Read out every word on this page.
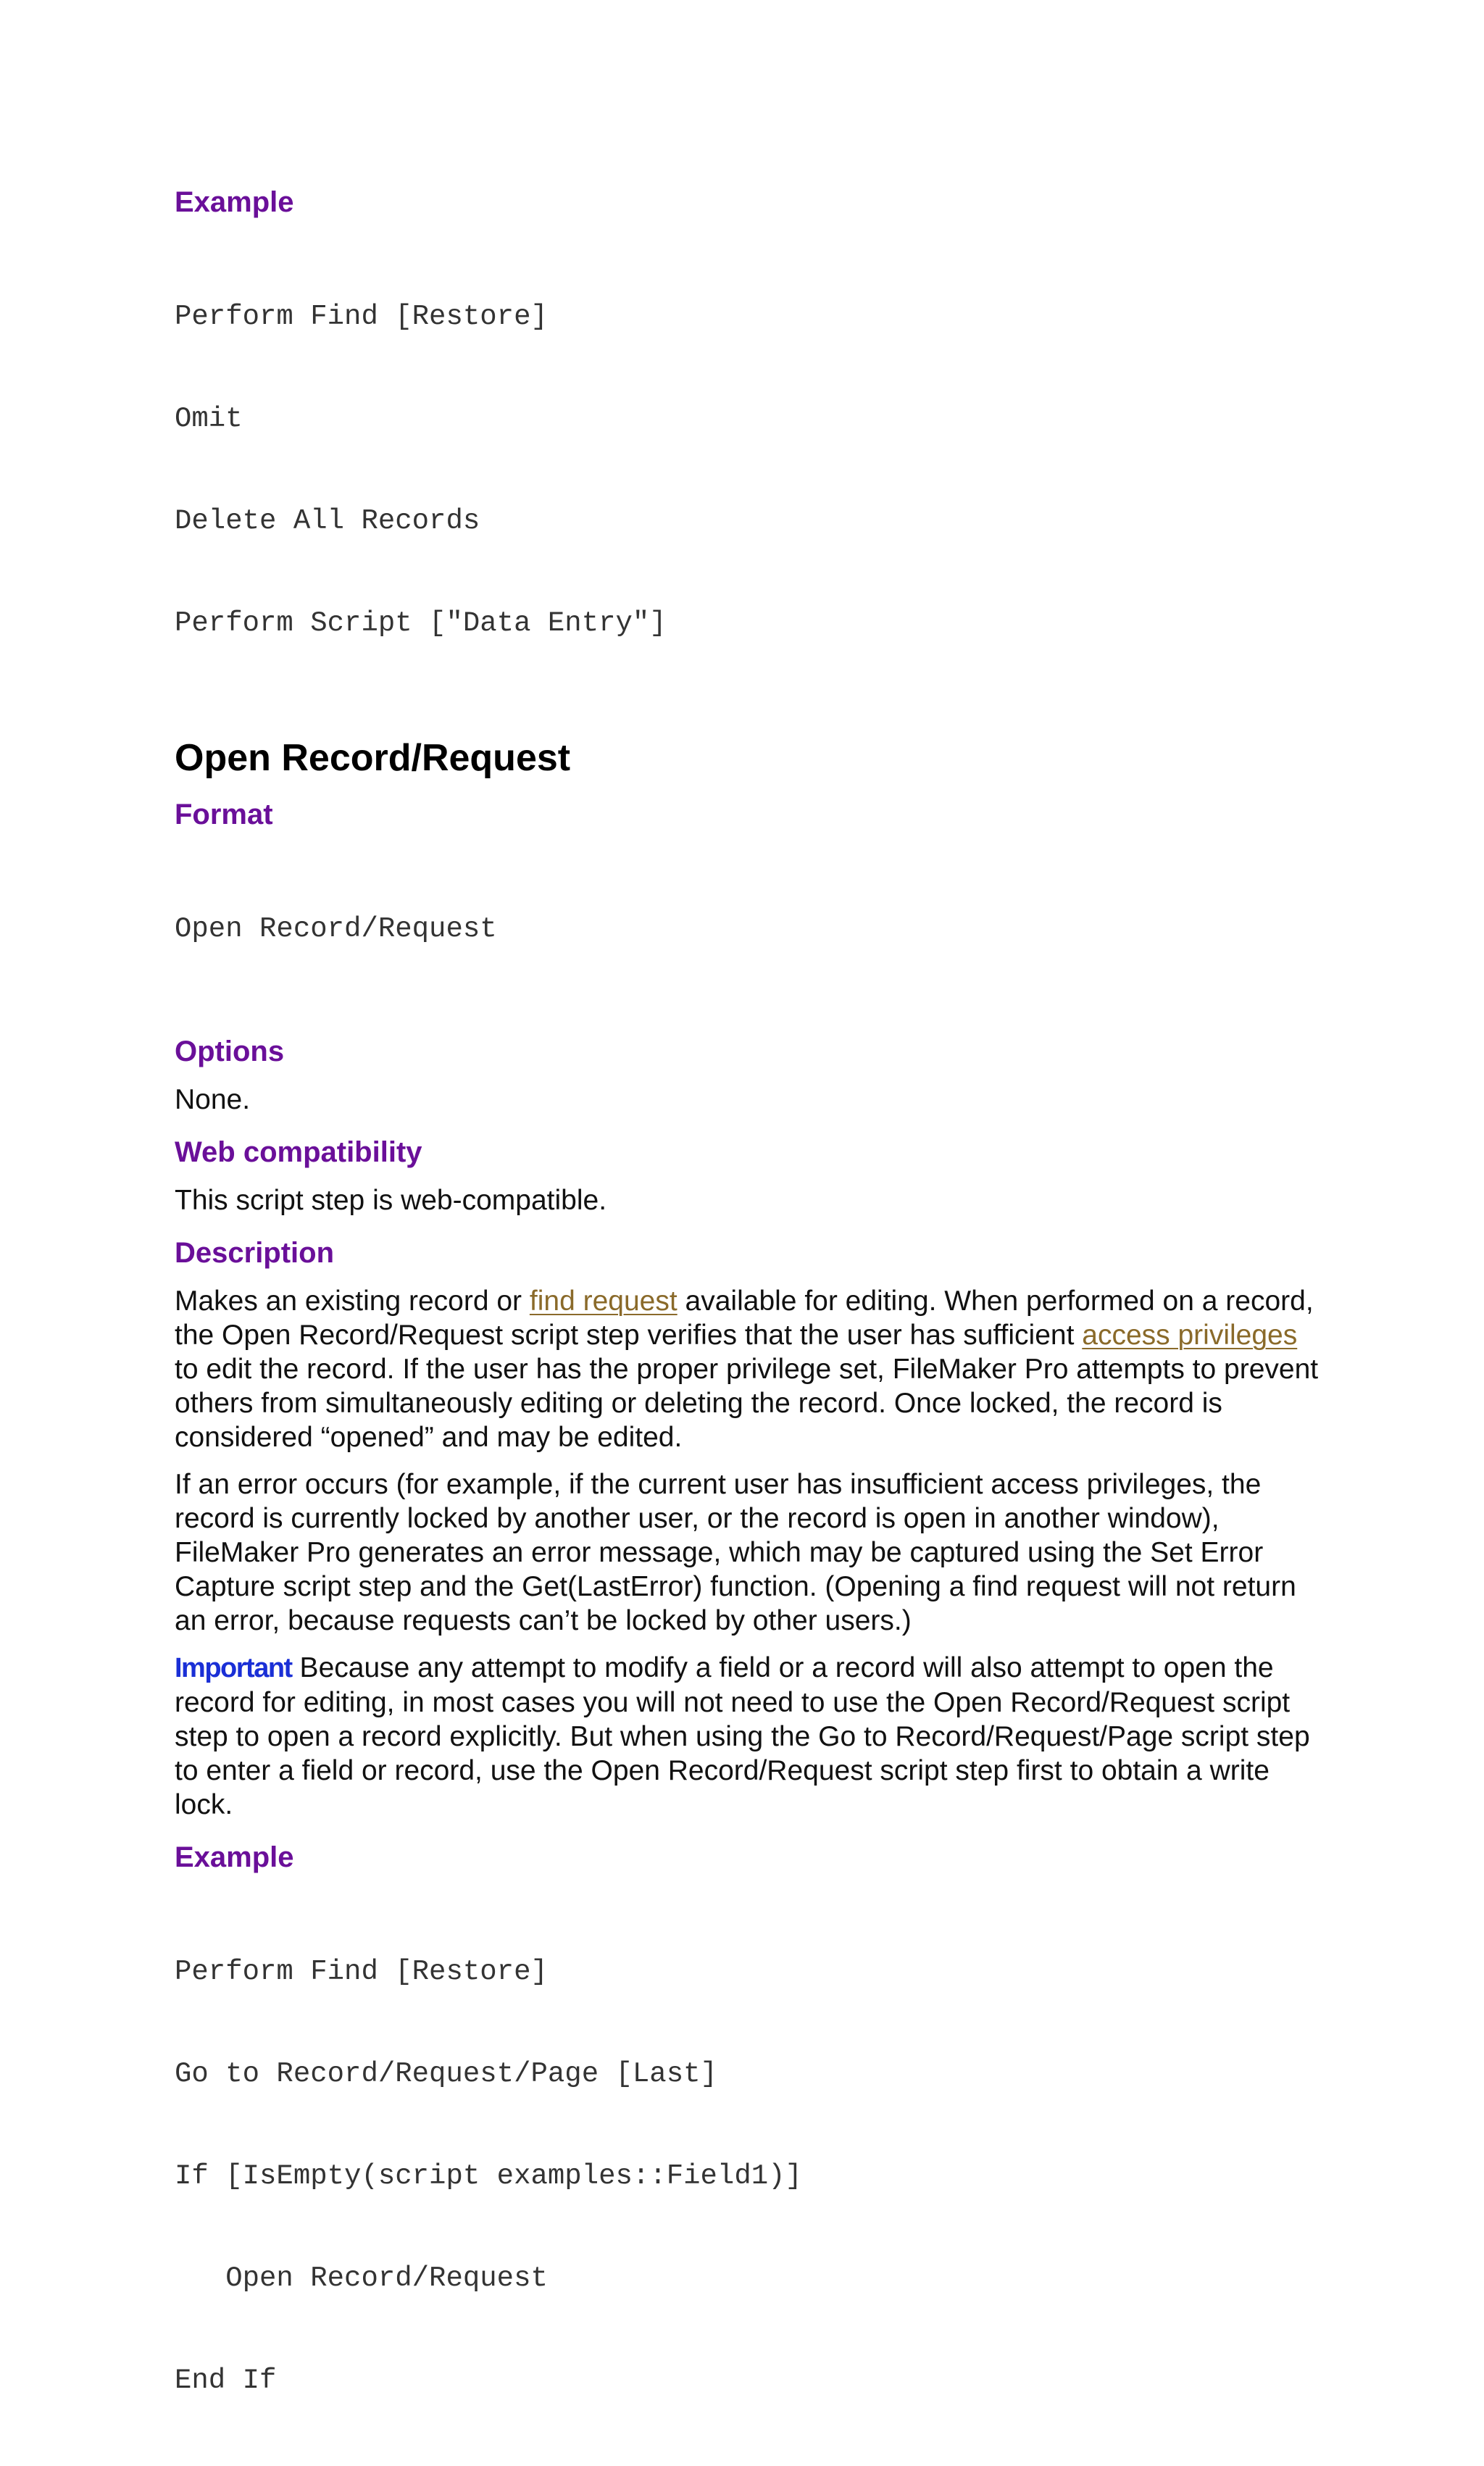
Example

Perform Find [Restore]

Omit

Delete All Records

Perform Script ["Data Entry"]

Open Record/Request
Format

Open Record/Request

Options

None.

Web compatibility

This script step is web-compatible.

Description

Makes an existing record or find request available for editing. When performed on a record, the Open Record/Request script step verifies that the user has sufficient access privileges to edit the record. If the user has the proper privilege set, FileMaker Pro attempts to prevent others from simultaneously editing or deleting the record. Once locked, the record is considered “opened” and may be edited.

If an error occurs (for example, if the current user has insufficient access privileges, the record is currently locked by another user, or the record is open in another window), FileMaker Pro generates an error message, which may be captured using the Set Error Capture script step and the Get(LastError) function. (Opening a find request will not return an error, because requests can’t be locked by other users.)

Important Because any attempt to modify a field or a record will also attempt to open the record for editing, in most cases you will not need to use the Open Record/Request script step to open a record explicitly. But when using the Go to Record/Request/Page script step to enter a field or record, use the Open Record/Request script step first to obtain a write lock.

Example

Perform Find [Restore]

Go to Record/Request/Page [Last]

If [IsEmpty(script examples::Field1)]

Open Record/Request

End If
